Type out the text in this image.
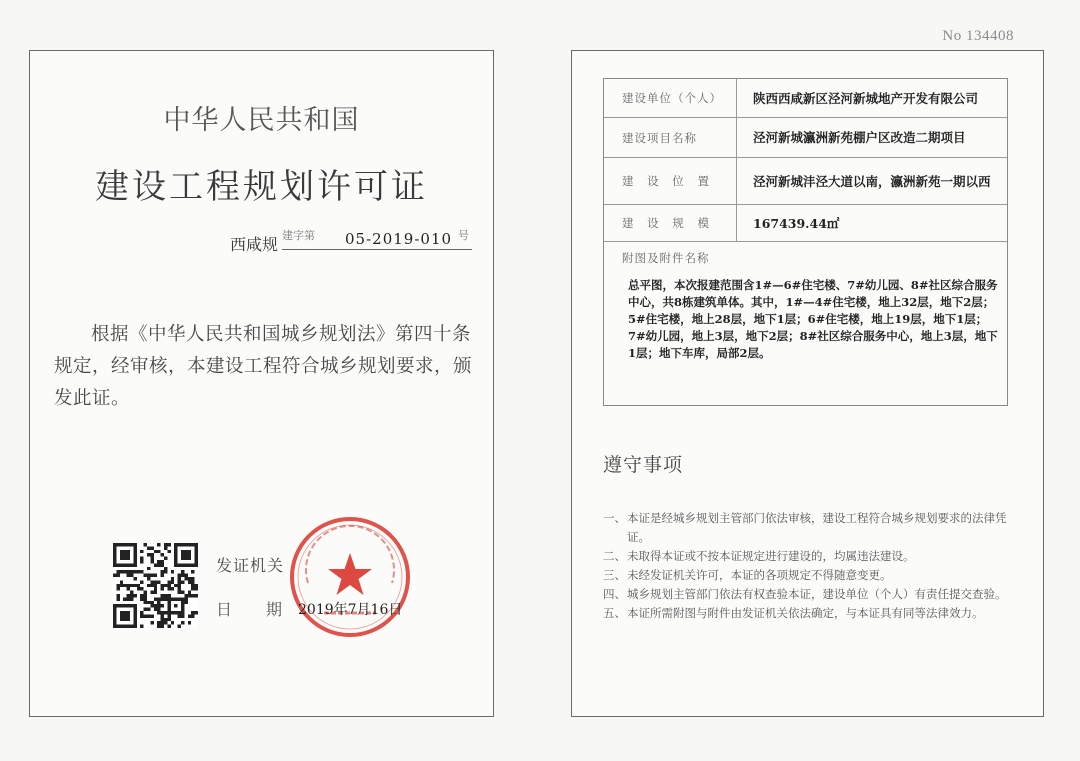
No 134408
中华人民共和国
建设工程规划许可证
西咸规 建字第 05-2019-010 号

根据《中华人民共和国城乡规划法》第四十条规定，经审核，本建设工程符合城乡规划要求，颁发此证。

发证机关
日 期 2019年7月16日
建设单位（个人）	陕西西咸新区泾河新城地产开发有限公司
建设项目名称	泾河新城瀛洲新苑棚户区改造二期项目
建 设 位 置	泾河新城沣泾大道以南，瀛洲新苑一期以西
建 设 规 模	167439.44㎡
附图及附件名称
总平图，本次报建范围含1#—6#住宅楼、7#幼儿园、8#社区综合服务中心，共8栋建筑单体。其中，1#—4#住宅楼，地上32层，地下2层；5#住宅楼，地上28层，地下1层；6#住宅楼，地上19层，地下1层；7#幼儿园，地上3层，地下2层；8#社区综合服务中心，地上3层，地下1层；地下车库，局部2层。
遵守事项
一、 本证是经城乡规划主管部门依法审核，建设工程符合城乡规划要求的法律凭证。
二、 未取得本证或不按本证规定进行建设的，均属违法建设。
三、 未经发证机关许可，本证的各项规定不得随意变更。
四、 城乡规划主管部门依法有权查验本证，建设单位（个人）有责任提交查验。
五、 本证所需附图与附件由发证机关依法确定，与本证具有同等法律效力。
